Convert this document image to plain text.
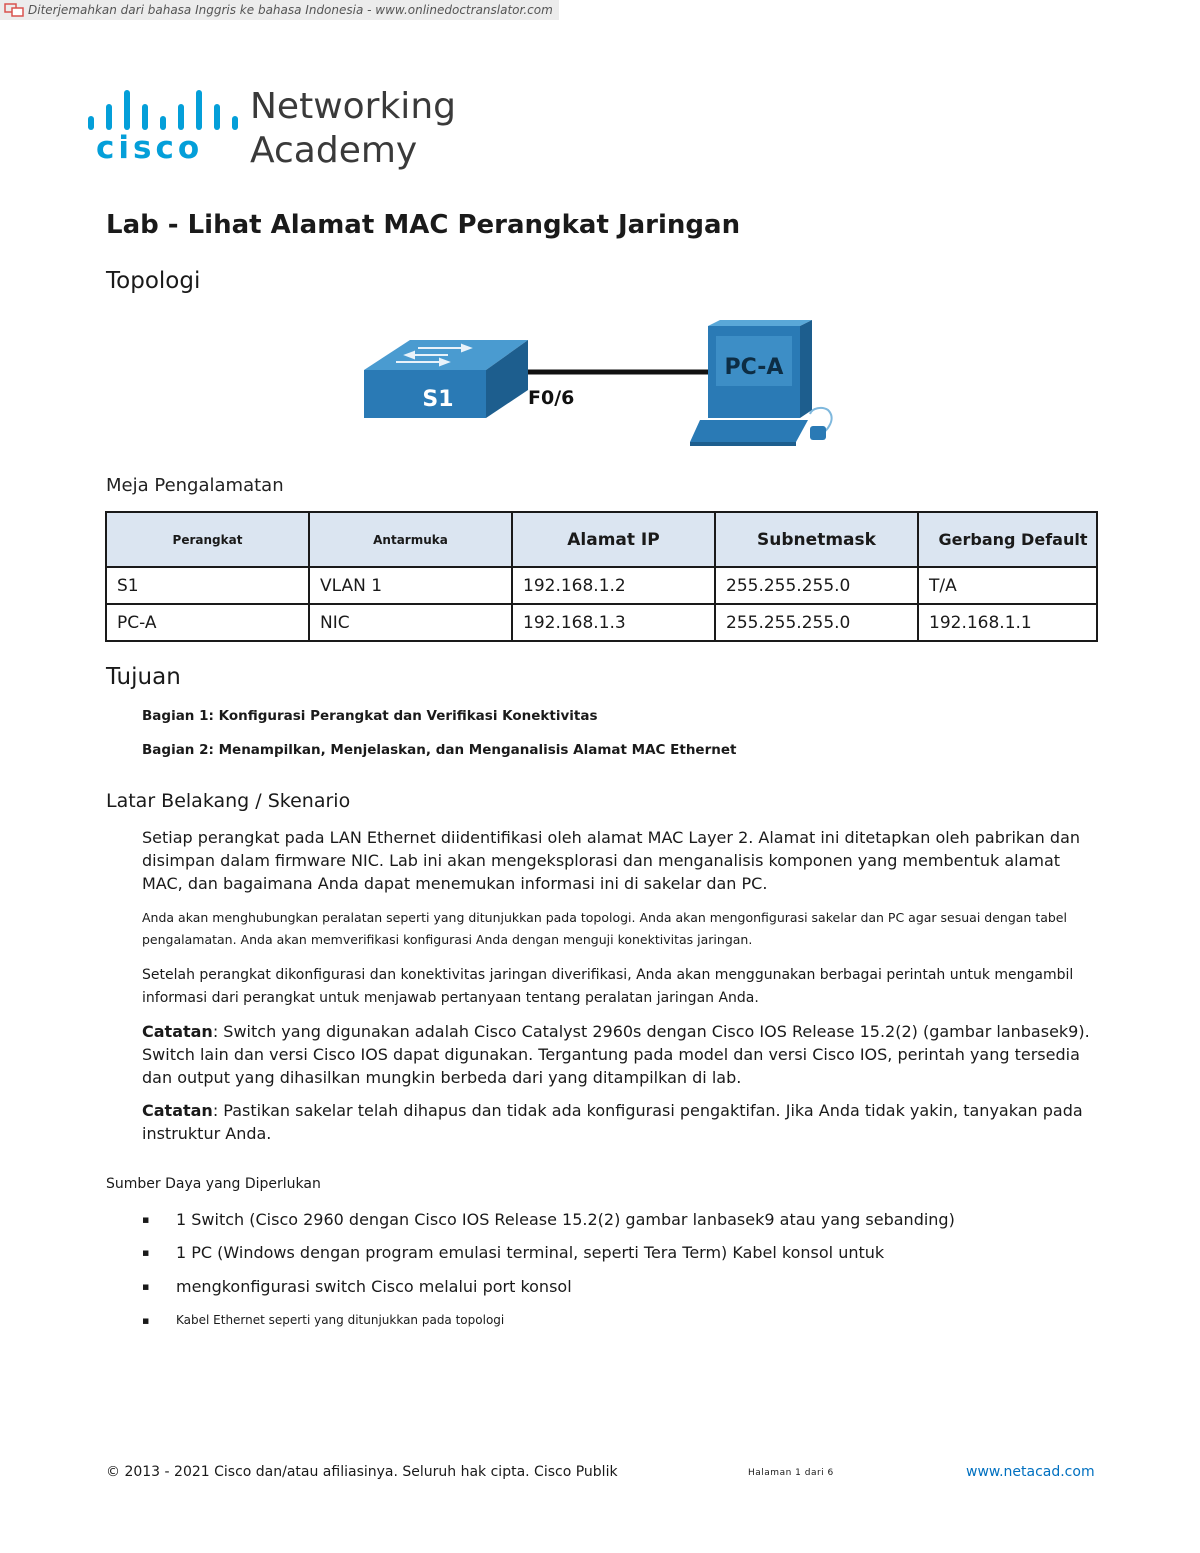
Diterjemahkan dari bahasa Inggris ke bahasa Indonesia - www.onlinedoctranslator.com
cisco
Networking
Academy
Lab - Lihat Alamat MAC Perangkat Jaringan
Topologi
S1	F0/6
PC-A
Meja Pengalamatan
Perangkat	Antarmuka	Alamat IP	Subnetmask	Gerbang Default
S1	VLAN 1	192.168.1.2	255.255.255.0	T/A
PC-A	NIC	192.168.1.3	255.255.255.0	192.168.1.1
Tujuan
Bagian 1: Konfigurasi Perangkat dan Verifikasi Konektivitas
Bagian 2: Menampilkan, Menjelaskan, dan Menganalisis Alamat MAC Ethernet
Latar Belakang / Skenario

Setiap perangkat pada LAN Ethernet diidentifikasi oleh alamat MAC Layer 2. Alamat ini ditetapkan oleh pabrikan dan disimpan dalam firmware NIC. Lab ini akan mengeksplorasi dan menganalisis komponen yang membentuk alamat MAC, dan bagaimana Anda dapat menemukan informasi ini di sakelar dan PC.

Anda akan menghubungkan peralatan seperti yang ditunjukkan pada topologi. Anda akan mengonfigurasi sakelar dan PC agar sesuai dengan tabel pengalamatan. Anda akan memverifikasi konfigurasi Anda dengan menguji konektivitas jaringan.

Setelah perangkat dikonfigurasi dan konektivitas jaringan diverifikasi, Anda akan menggunakan berbagai perintah untuk mengambil informasi dari perangkat untuk menjawab pertanyaan tentang peralatan jaringan Anda.

Catatan: Switch yang digunakan adalah Cisco Catalyst 2960s dengan Cisco IOS Release 15.2(2) (gambar lanbasek9). Switch lain dan versi Cisco IOS dapat digunakan. Tergantung pada model dan versi Cisco IOS, perintah yang tersedia dan output yang dihasilkan mungkin berbeda dari yang ditampilkan di lab.

Catatan: Pastikan sakelar telah dihapus dan tidak ada konfigurasi pengaktifan. Jika Anda tidak yakin, tanyakan pada instruktur Anda.

Sumber Daya yang Diperlukan
▪	1 Switch (Cisco 2960 dengan Cisco IOS Release 15.2(2) gambar lanbasek9 atau yang sebanding)
▪	1 PC (Windows dengan program emulasi terminal, seperti Tera Term) Kabel konsol untuk
▪	mengkonfigurasi switch Cisco melalui port konsol
▪	Kabel Ethernet seperti yang ditunjukkan pada topologi
© 2013 - 2021 Cisco dan/atau afiliasinya. Seluruh hak cipta. Cisco Publik	Halaman 1 dari 6	www.netacad.com
